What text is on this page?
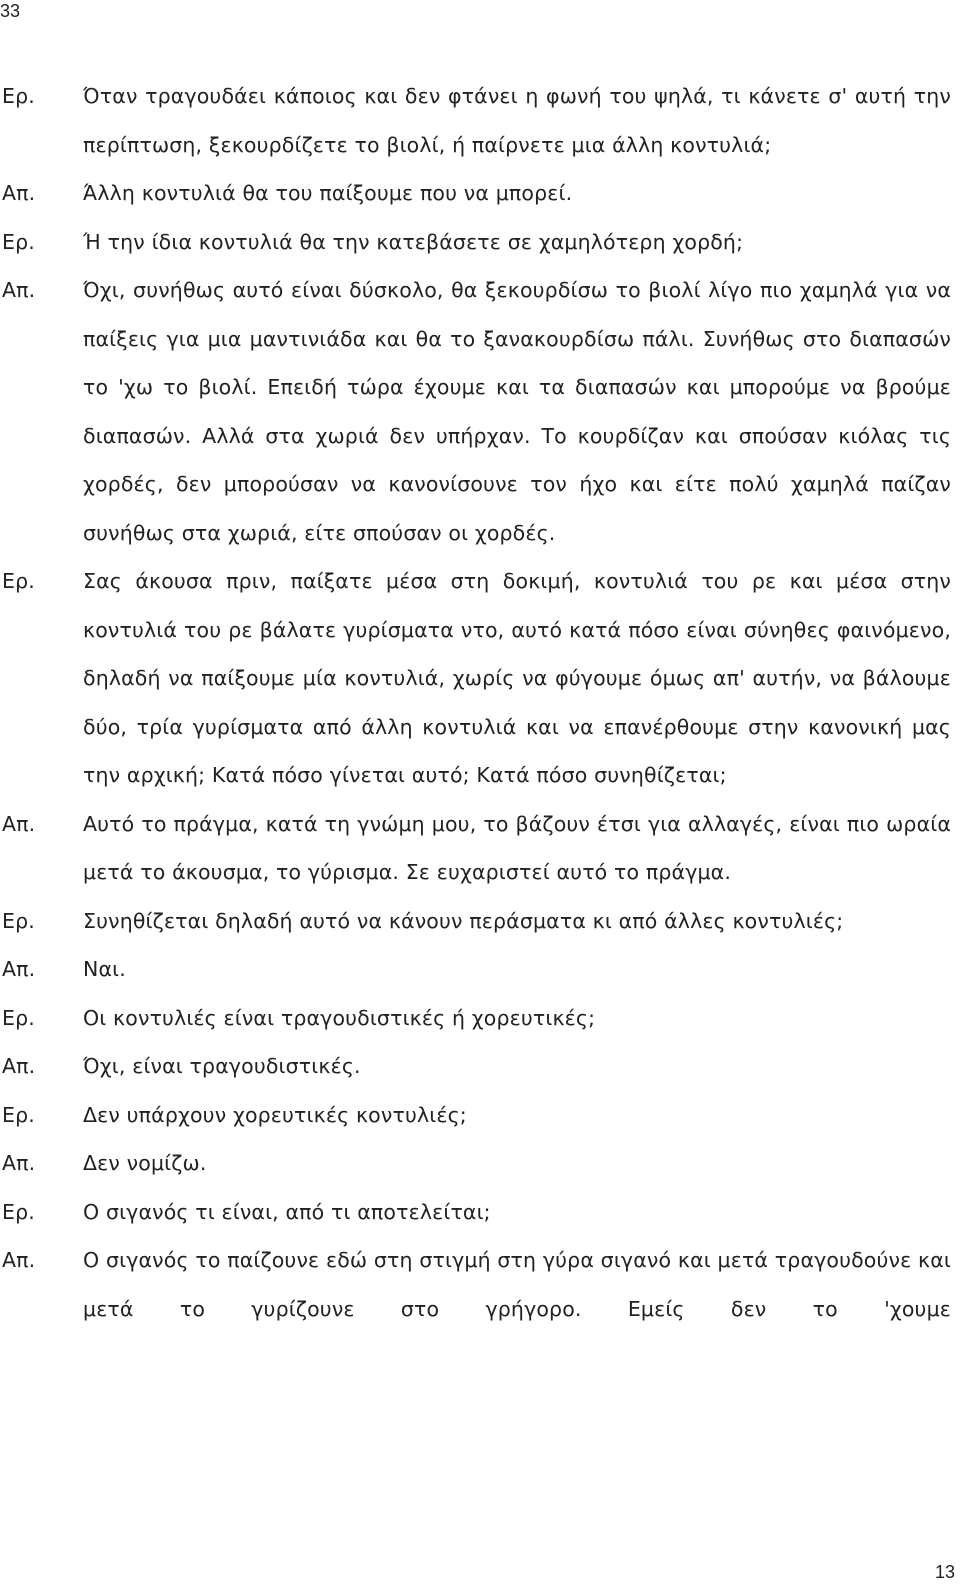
33
Ερ.	Όταν τραγουδάει κάποιος και δεν φτάνει η φωνή του ψηλά, τι κάνετε σ' αυτή την περίπτωση, ξεκουρδίζετε το βιολί, ή παίρνετε μια άλλη κοντυλιά;
Απ.	Άλλη κοντυλιά θα του παίξουμε που να μπορεί.
Ερ.	Ή την ίδια κοντυλιά θα την κατεβάσετε σε χαμηλότερη χορδή;
Απ.	Όχι, συνήθως αυτό είναι δύσκολο, θα ξεκουρδίσω το βιολί λίγο πιο χαμηλά για να παίξεις για μια μαντινιάδα και θα το ξανακουρδίσω πάλι. Συνήθως στο διαπασών το 'χω το βιολί. Επειδή τώρα έχουμε και τα διαπασών και μπορούμε να βρούμε διαπασών. Αλλά στα χωριά δεν υπήρχαν. Το κουρδίζαν και σπούσαν κιόλας τις χορδές, δεν μπορούσαν να κανονίσουνε τον ήχο και είτε πολύ χαμηλά παίζαν συνήθως στα χωριά, είτε σπούσαν οι χορδές.
Ερ.	Σας άκουσα πριν, παίξατε μέσα στη δοκιμή, κοντυλιά του ρε και μέσα στην κοντυλιά του ρε βάλατε γυρίσματα ντο, αυτό κατά πόσο είναι σύνηθες φαινόμενο, δηλαδή να παίξουμε μία κοντυλιά, χωρίς να φύγουμε όμως απ' αυτήν, να βάλουμε δύο, τρία γυρίσματα από άλλη κοντυλιά και να επανέρθουμε στην κανονική μας την αρχική; Κατά πόσο γίνεται αυτό; Κατά πόσο συνηθίζεται;
Απ.	Αυτό το πράγμα, κατά τη γνώμη μου, το βάζουν έτσι για αλλαγές, είναι πιο ωραία μετά το άκουσμα, το γύρισμα. Σε ευχαριστεί αυτό το πράγμα.
Ερ.	Συνηθίζεται δηλαδή αυτό να κάνουν περάσματα κι από άλλες κοντυλιές;
Απ.	Ναι.
Ερ.	Οι κοντυλιές είναι τραγουδιστικές ή χορευτικές;
Απ.	Όχι, είναι τραγουδιστικές.
Ερ.	Δεν υπάρχουν χορευτικές κοντυλιές;
Απ.	Δεν νομίζω.
Ερ.	Ο σιγανός τι είναι, από τι αποτελείται;
Απ.	Ο σιγανός το παίζουνε εδώ στη στιγμή στη γύρα σιγανό και μετά τραγουδούνε και μετά το γυρίζουνε στο γρήγορο. Εμείς δεν το 'χουμε
13
